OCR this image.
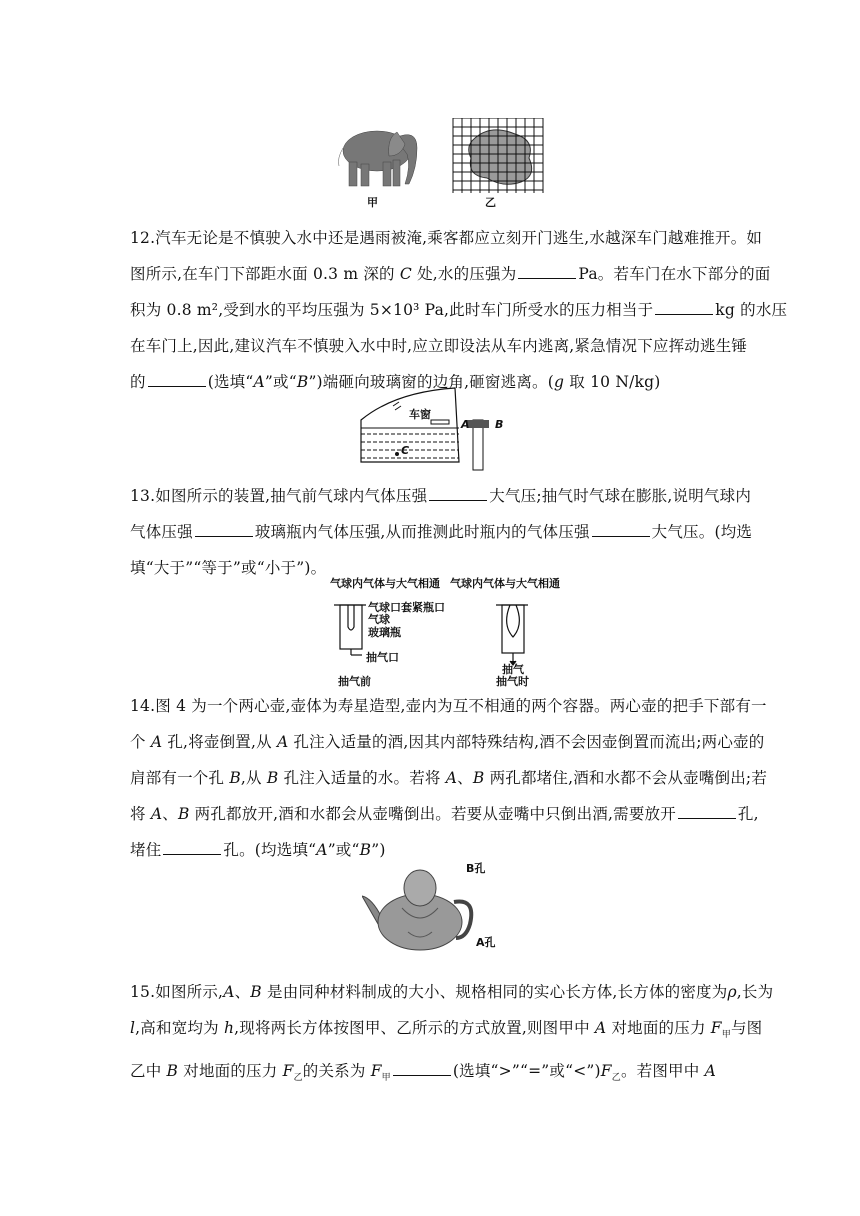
甲	乙

12.汽车无论是不慎驶入水中还是遇雨被淹,乘客都应立刻开门逃生,水越深车门越难推开。如

图所示,在车门下部距水面 0.3 m 深的 C 处,水的压强为	Pa。若车门在水下部分的面

积为 0.8 m²,受到水的平均压强为 5×10³ Pa,此时车门所受水的压力相当于	kg 的水压

在车门上,因此,建议汽车不慎驶入水中时,应立即设法从车内逃离,紧急情况下应挥动逃生锤

的	(选填“A”或“B”)端砸向玻璃窗的边角,砸窗逃离。(g 取 10 N/kg)

车窗
A B
C

13.如图所示的装置,抽气前气球内气体压强	大气压;抽气时气球在膨胀,说明气球内

气体压强	玻璃瓶内气体压强,从而推测此时瓶内的气体压强	大气压。(均选

填“大于”“等于”或“小于”)。

气球内气体与大气相通 气球内气体与大气相通
气球口套紧瓶口
气球
玻璃瓶
抽气口
抽气
抽气前	抽气时

14.图 4 为一个两心壶,壶体为寿星造型,壶内为互不相通的两个容器。两心壶的把手下部有一

个 A 孔,将壶倒置,从 A 孔注入适量的酒,因其内部特殊结构,酒不会因壶倒置而流出;两心壶的

肩部有一个孔 B,从 B 孔注入适量的水。若将 A、B 两孔都堵住,酒和水都不会从壶嘴倒出;若

将 A、B 两孔都放开,酒和水都会从壶嘴倒出。若要从壶嘴中只倒出酒,需要放开	孔,

堵住	孔。(均选填“A”或“B”)

B孔
A孔

15.如图所示,A、B 是由同种材料制成的大小、规格相同的实心长方体,长方体的密度为ρ,长为

l,高和宽均为 h,现将两长方体按图甲、乙所示的方式放置,则图甲中 A 对地面的压力 $F_甲$与图

乙中 B 对地面的压力 $F_乙$的关系为 $F_甲$	(选填“>”“=”或“$<”)F_乙$。若图甲中 A
